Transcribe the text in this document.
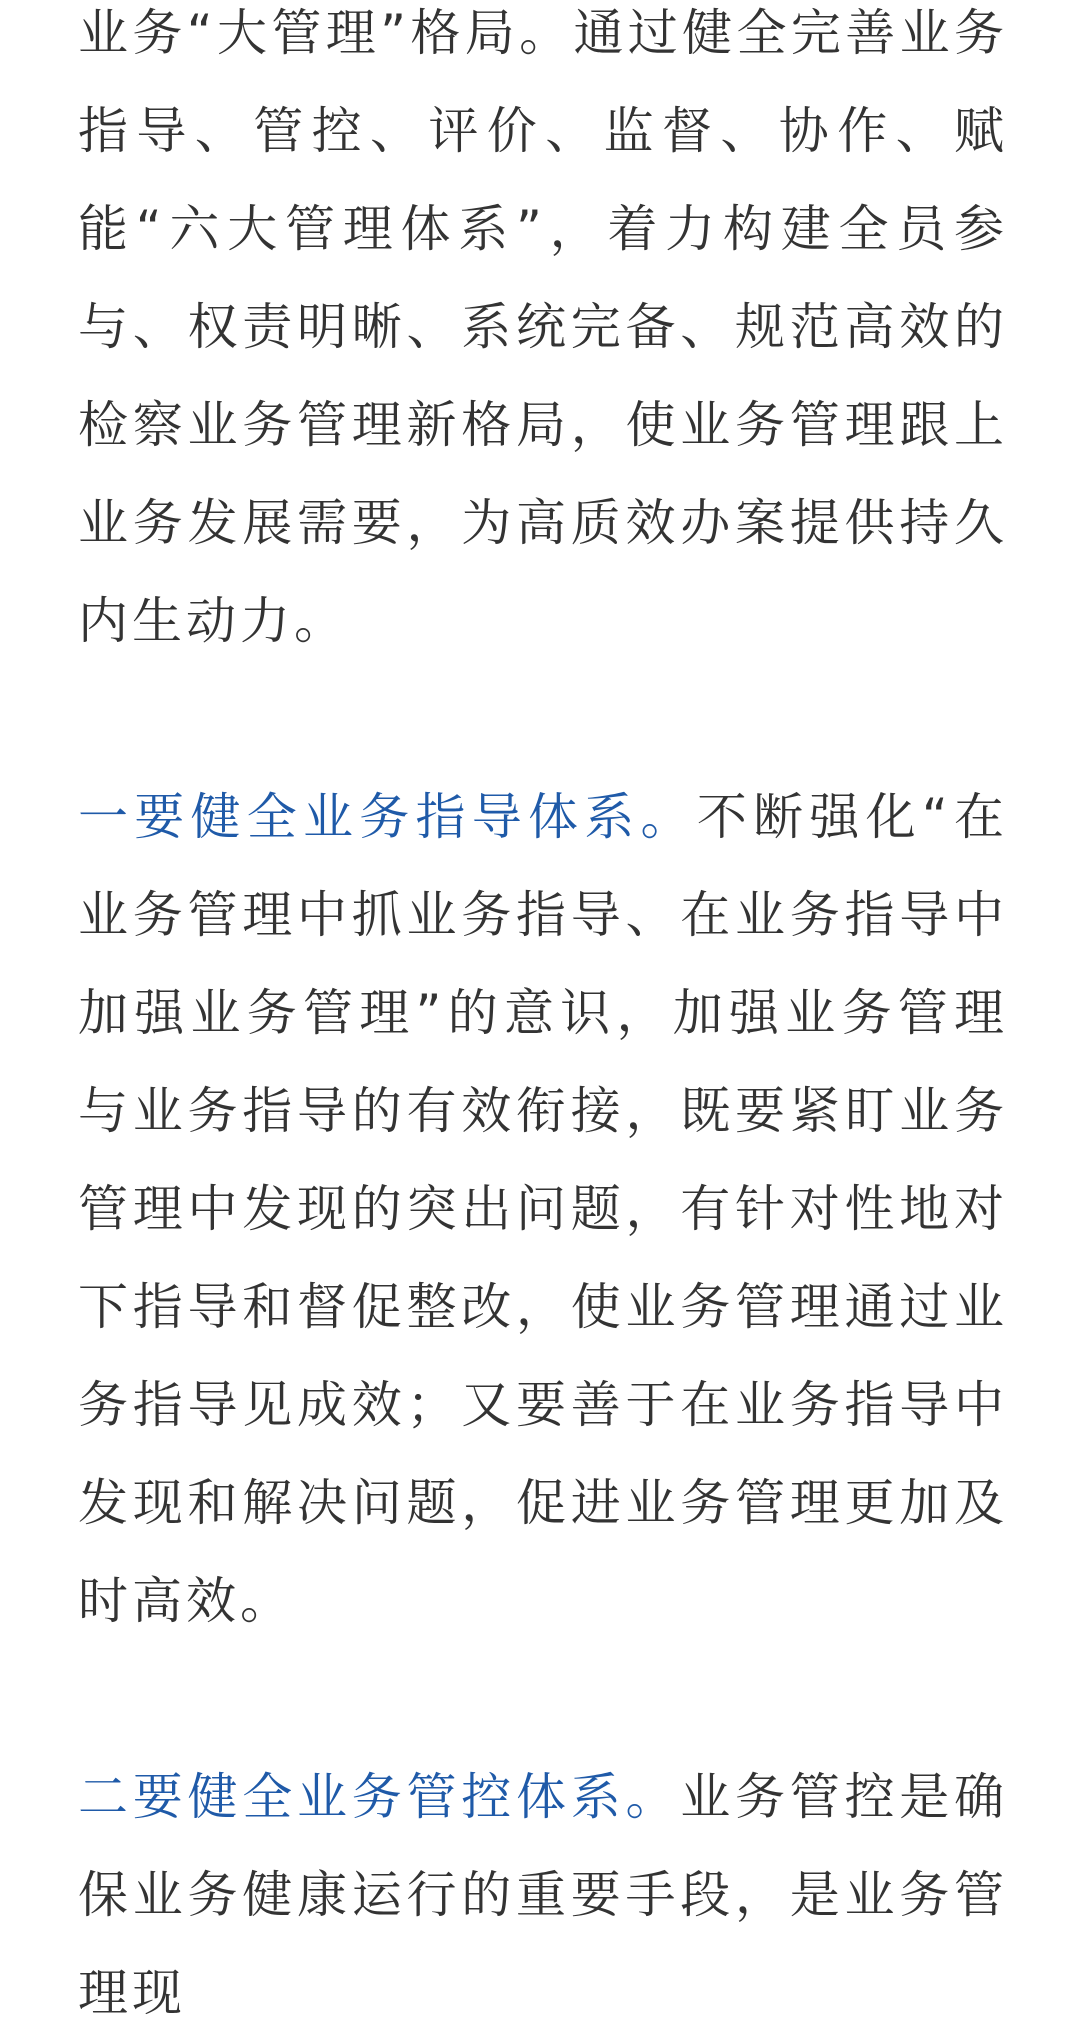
业务“大管理”格局。通过健全完善业务指导、管控、评价、监督、协作、赋能“六大管理体系”，着力构建全员参与、权责明晰、系统完备、规范高效的检察业务管理新格局，使业务管理跟上业务发展需要，为高质效办案提供持久内生动力。

一要健全业务指导体系。不断强化“在业务管理中抓业务指导、在业务指导中加强业务管理”的意识，加强业务管理与业务指导的有效衔接，既要紧盯业务管理中发现的突出问题，有针对性地对下指导和督促整改，使业务管理通过业务指导见成效；又要善于在业务指导中发现和解决问题，促进业务管理更加及时高效。

二要健全业务管控体系。业务管控是确保业务健康运行的重要手段，是业务管理现
